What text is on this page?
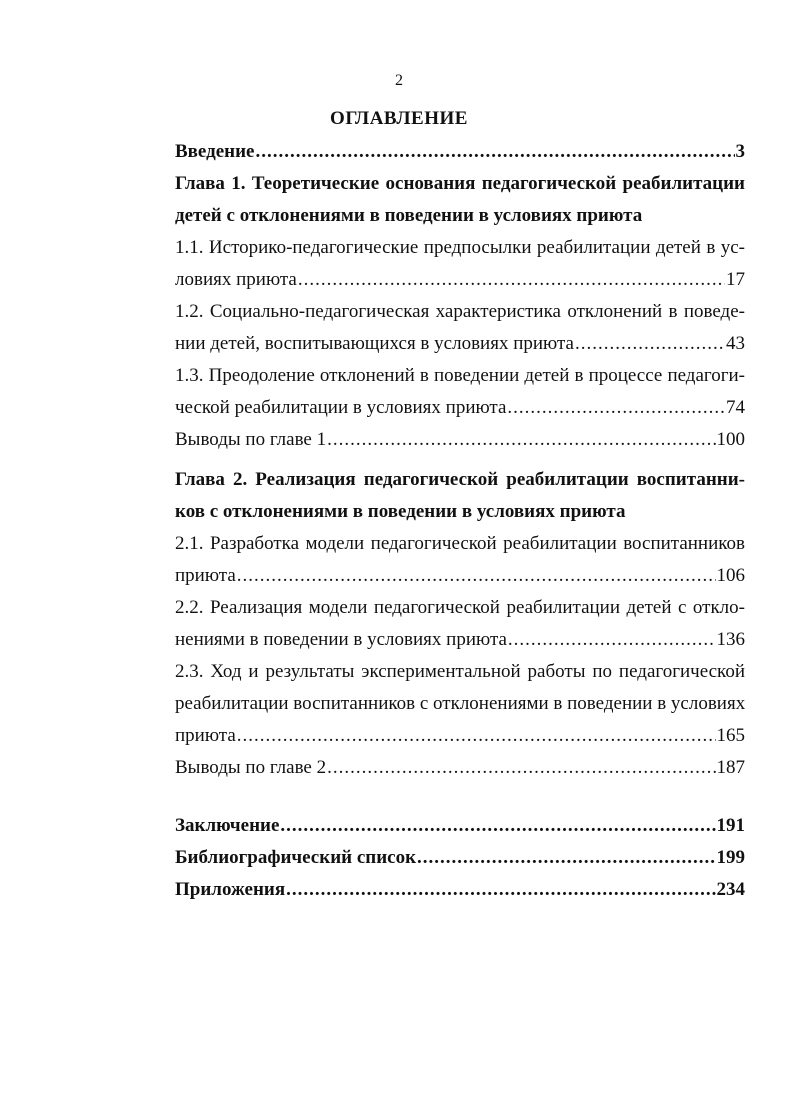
2
ОГЛАВЛЕНИЕ
Введение .....	3
Глава 1. Теоретические основания педагогической реабилитации
детей с отклонениями в поведении в условиях приюта
1.1. Историко-педагогические предпосылки реабилитации детей в ус-
ловиях приюта .....	17
1.2. Социально-педагогическая характеристика отклонений в поведе-
нии детей, воспитывающихся в условиях приюта .....	43
1.3. Преодоление отклонений в поведении детей в процессе педагоги-
ческой реабилитации в условиях приюта .....	74
Выводы по главе 1 .....	100
Глава 2. Реализация педагогической реабилитации воспитанни-
ков с отклонениями в поведении в условиях приюта
2.1. Разработка модели педагогической реабилитации воспитанников
приюта .....	106
2.2. Реализация модели педагогической реабилитации детей с откло-
нениями в поведении в условиях приюта .....	136
2.3. Ход и результаты экспериментальной работы по педагогической
реабилитации воспитанников с отклонениями в поведении в условиях
приюта .....	165
Выводы по главе 2 .....	187
Заключение .....	191
Библиографический список .....	199
Приложения .....	234
